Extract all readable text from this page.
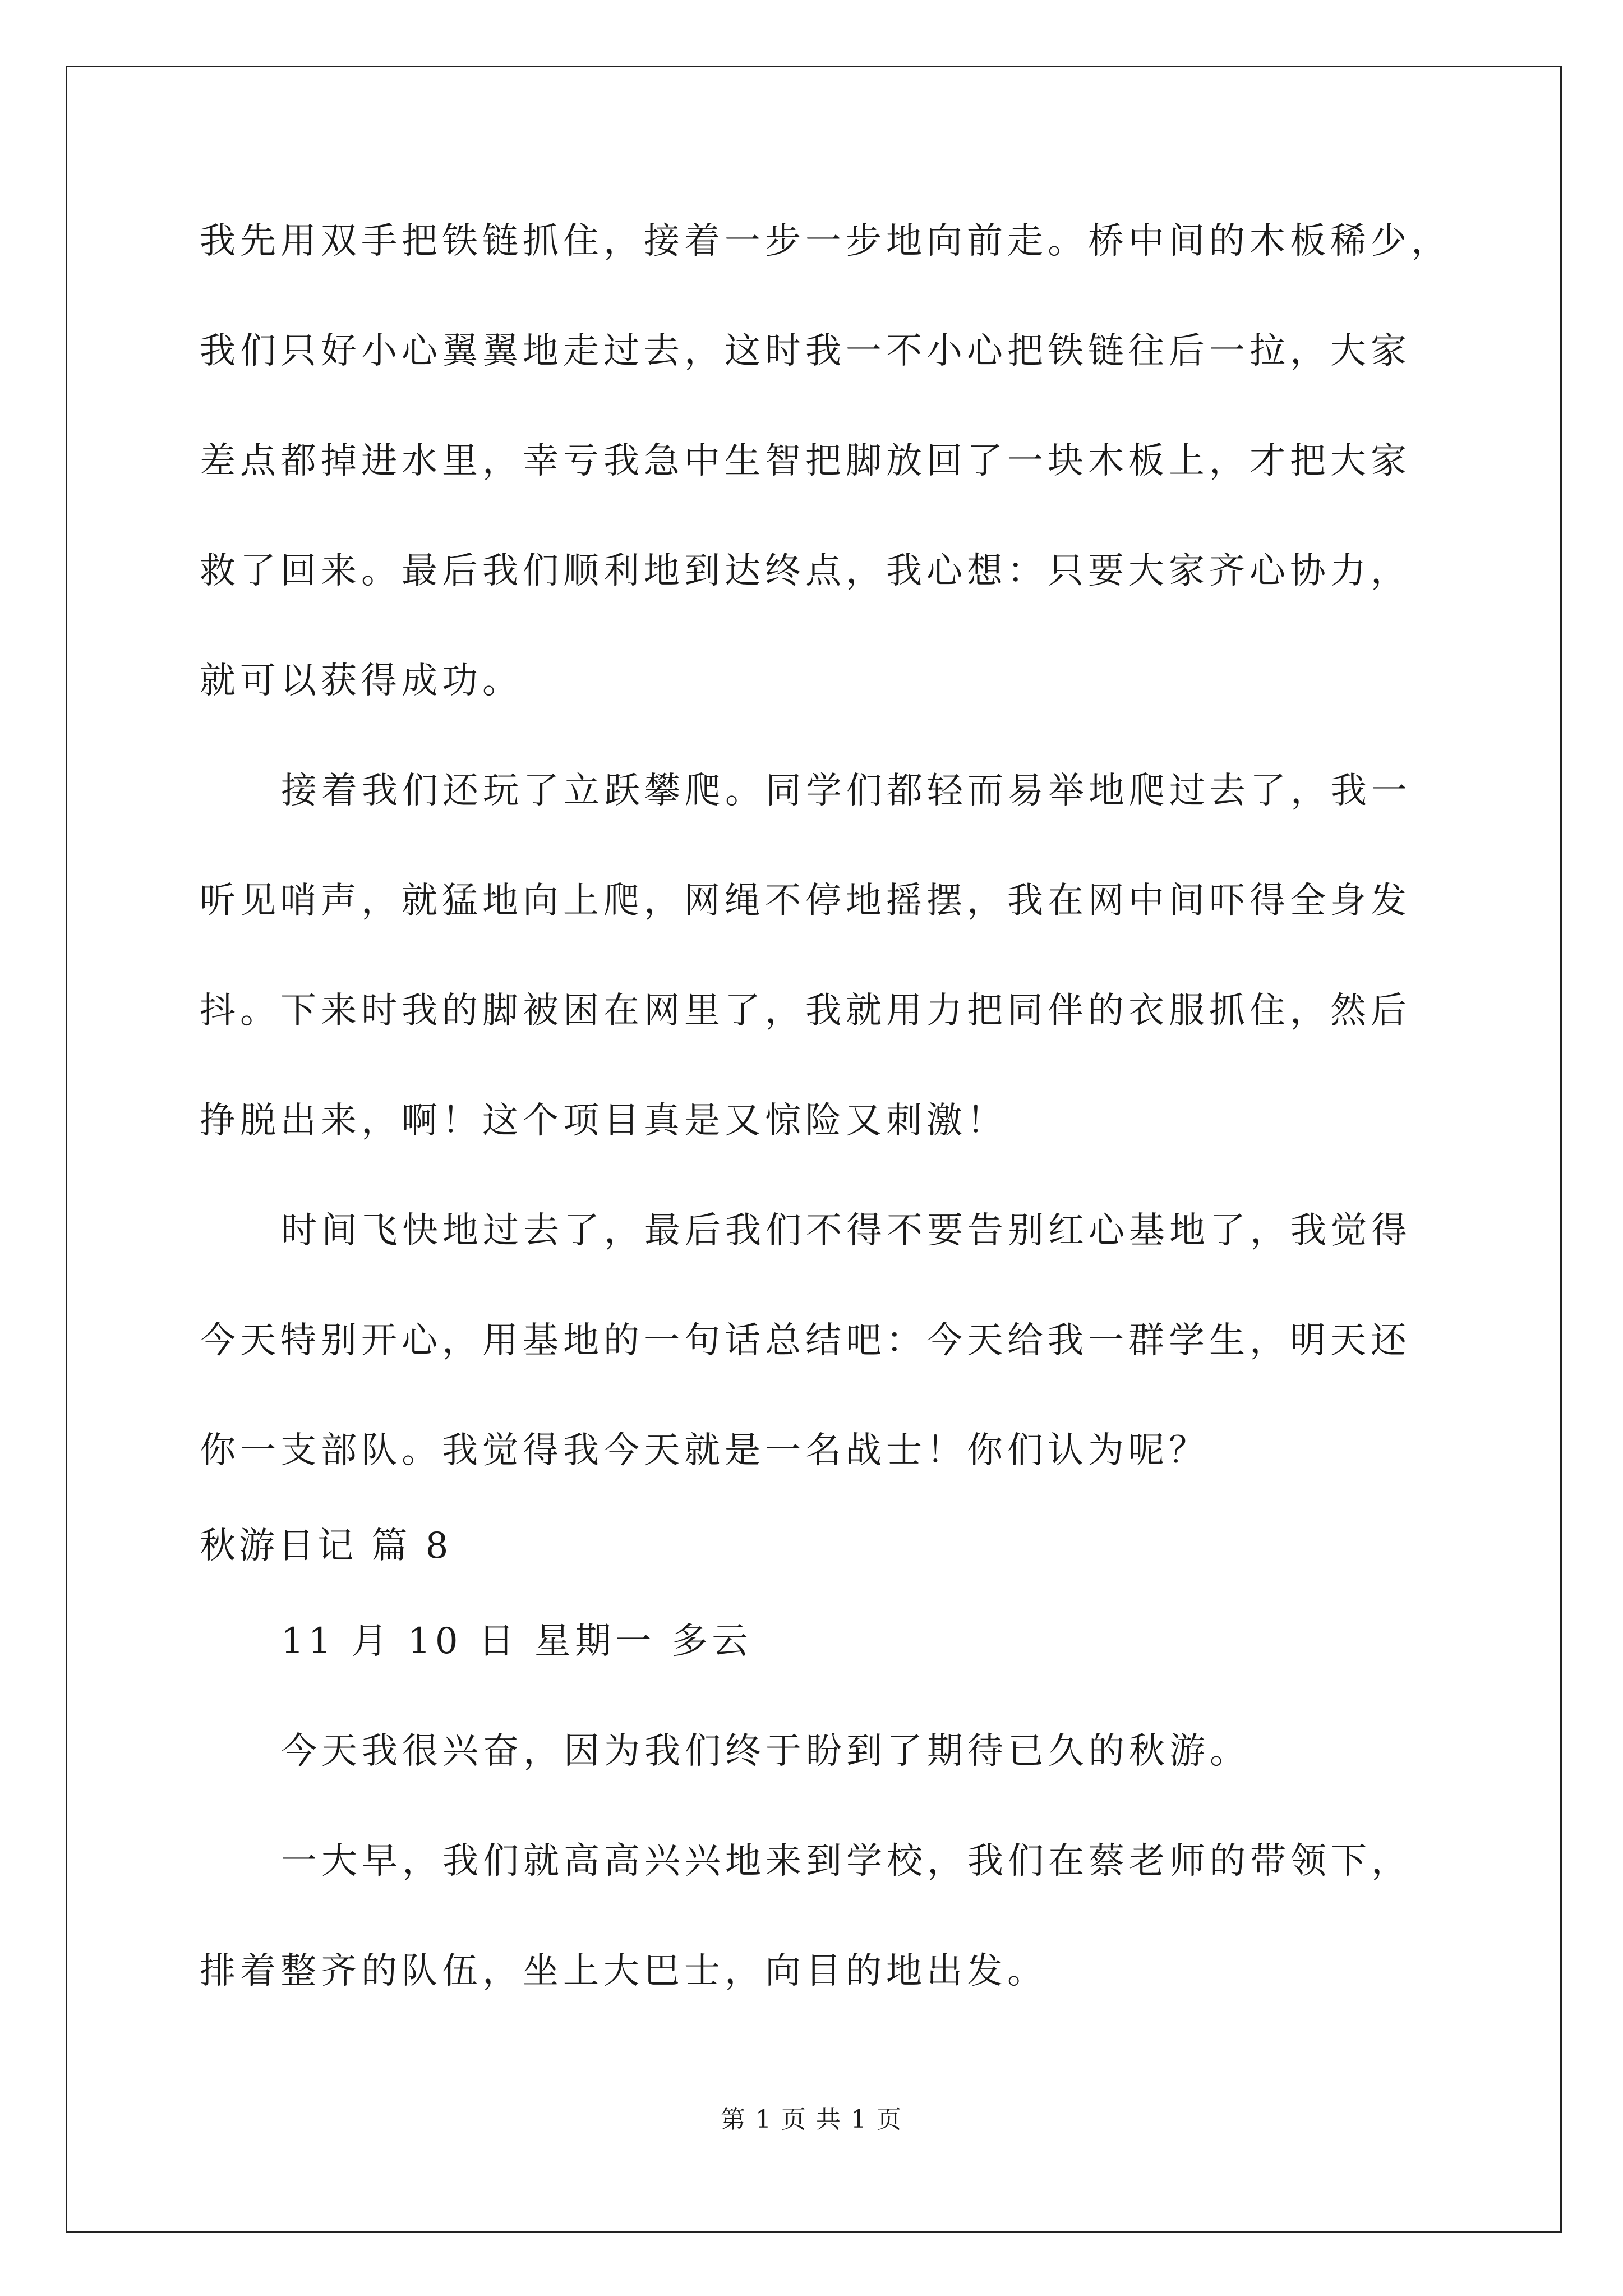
我先用双手把铁链抓住，接着一步一步地向前走。桥中间的木板稀少，
我们只好小心翼翼地走过去，这时我一不小心把铁链往后一拉，大家
差点都掉进水里，幸亏我急中生智把脚放回了一块木板上，才把大家
救了回来。最后我们顺利地到达终点，我心想：只要大家齐心协力，
就可以获得成功。
接着我们还玩了立跃攀爬。同学们都轻而易举地爬过去了，我一
听见哨声，就猛地向上爬，网绳不停地摇摆，我在网中间吓得全身发
抖。下来时我的脚被困在网里了，我就用力把同伴的衣服抓住，然后
挣脱出来，啊！这个项目真是又惊险又刺激！
时间飞快地过去了，最后我们不得不要告别红心基地了，我觉得
今天特别开心，用基地的一句话总结吧：今天给我一群学生，明天还
你一支部队。我觉得我今天就是一名战士！你们认为呢？
秋游日记 篇 8
11 月 10 日 星期一 多云
今天我很兴奋，因为我们终于盼到了期待已久的秋游。
一大早，我们就高高兴兴地来到学校，我们在蔡老师的带领下，
排着整齐的队伍，坐上大巴士，向目的地出发。
第 1 页 共 1 页
